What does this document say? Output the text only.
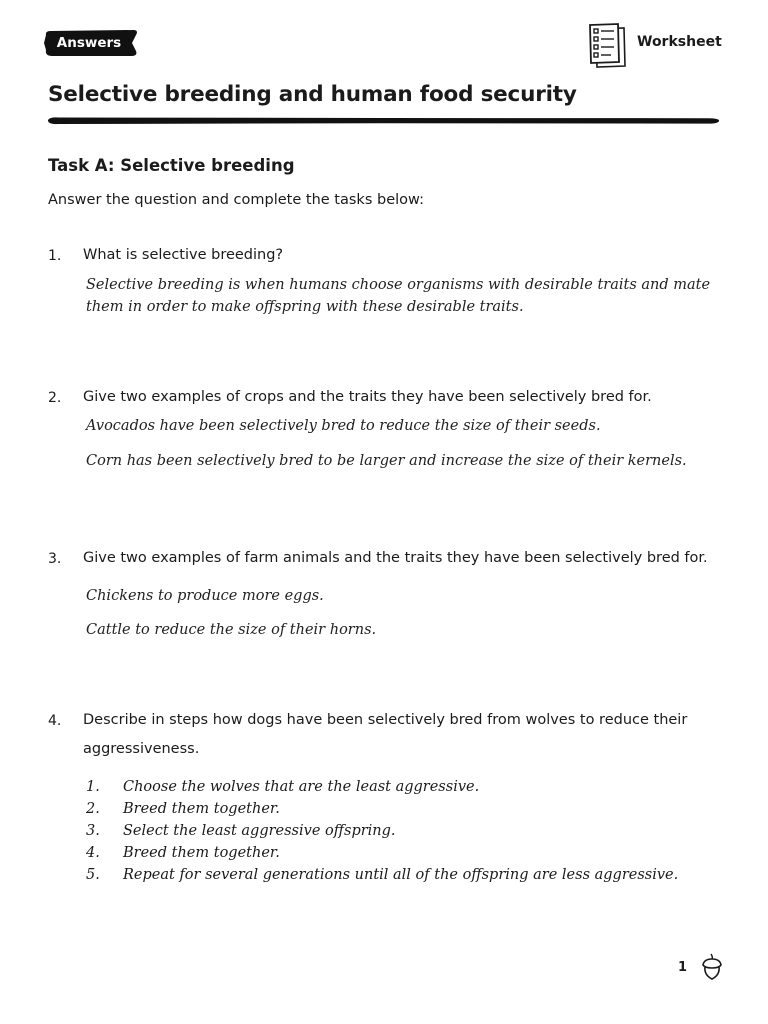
Answers	Worksheet
Selective breeding and human food security
Task A: Selective breeding
Answer the question and complete the tasks below:
1. What is selective breeding?
Selective breeding is when humans choose organisms with desirable traits and mate
them in order to make offspring with these desirable traits.
2. Give two examples of crops and the traits they have been selectively bred for.
Avocados have been selectively bred to reduce the size of their seeds.
Corn has been selectively bred to be larger and increase the size of their kernels.
3. Give two examples of farm animals and the traits they have been selectively bred for.
Chickens to produce more eggs.
Cattle to reduce the size of their horns.
4. Describe in steps how dogs have been selectively bred from wolves to reduce their
aggressiveness.
1. Choose the wolves that are the least aggressive.
2. Breed them together.
3. Select the least aggressive offspring.
4. Breed them together.
5. Repeat for several generations until all of the offspring are less aggressive.
1
